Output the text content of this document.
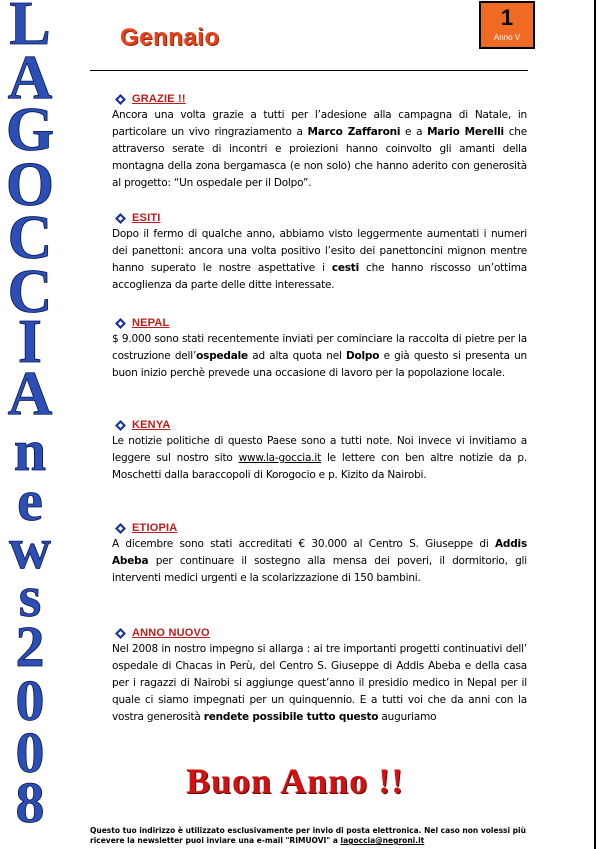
L
A
G
O
C
C
I
A
n
e
w
s
2
0
0
8
Gennaio
1
Anno V
GRAZIE !!

Ancora una volta grazie a tutti per l’adesione alla campagna di Natale, in particolare un vivo ringraziamento a Marco Zaffaroni e a Mario Merelli che attraverso serate di incontri e proiezioni hanno coinvolto gli amanti della montagna della zona bergamasca (e non solo) che hanno aderito con generosità al progetto: “Un ospedale per il Dolpo”.

ESITI

Dopo il fermo di qualche anno, abbiamo visto leggermente aumentati i numeri dei panettoni: ancora una volta positivo l’esito dei panettoncini mignon mentre hanno superato le nostre aspettative i cesti che hanno riscosso un’ottima accoglienza da parte delle ditte interessate.

NEPAL

$ 9.000 sono stati recentemente inviati per cominciare la raccolta di pietre per la costruzione dell’ospedale ad alta quota nel Dolpo e già questo si presenta un buon inizio perchè prevede una occasione di lavoro per la popolazione locale.

KENYA

Le notizie politiche di questo Paese sono a tutti note. Noi invece vi invitiamo a leggere sul nostro sito www.la-goccia.it le lettere con ben altre notizie da p. Moschetti dalla baraccopoli di Korogocio e p. Kizito da Nairobi.

ETIOPIA

A dicembre sono stati accreditati € 30.000 al Centro S. Giuseppe di Addis Abeba per continuare il sostegno alla mensa dei poveri, il dormitorio, gli interventi medici urgenti e la scolarizzazione di 150 bambini.

ANNO NUOVO

Nel 2008 in nostro impegno si allarga : ai tre importanti progetti continuativi dell’ ospedale di Chacas in Perù, del Centro S. Giuseppe di Addis Abeba e della casa per i ragazzi di Nairobi si aggiunge quest’anno il presidio medico in Nepal per il quale ci siamo impegnati per un quinquennio. E a tutti voi che da anni con la vostra generosità rendete possibile tutto questo auguriamo

Buon Anno !!
Questo tuo indirizzo è utilizzato esclusivamente per invio di posta elettronica. Nel caso non volessi più
ricevere la newsletter puoi inviare una e-mail "RIMUOVI" a lagoccia@negroni.it
